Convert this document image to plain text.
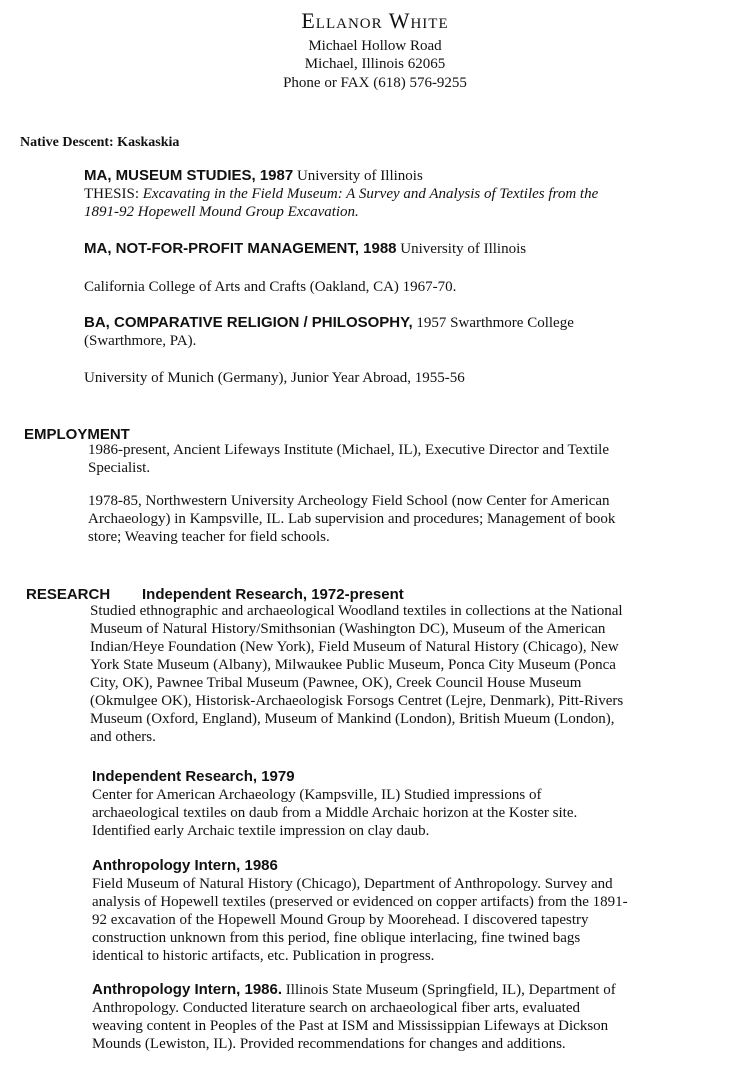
Ellanor White
Michael Hollow Road
Michael, Illinois 62065
Phone or FAX (618) 576-9255
Native Descent: Kaskaskia

MA, MUSEUM STUDIES, 1987 University of Illinois

THESIS: Excavating in the Field Museum: A Survey and Analysis of Textiles from the

1891-92 Hopewell Mound Group Excavation.

MA, NOT-FOR-PROFIT MANAGEMENT, 1988 University of Illinois

California College of Arts and Crafts (Oakland, CA) 1967-70.

BA, COMPARATIVE RELIGION / PHILOSOPHY, 1957 Swarthmore College

(Swarthmore, PA).

University of Munich (Germany), Junior Year Abroad, 1955-56
EMPLOYMENT

1986-present, Ancient Lifeways Institute (Michael, IL), Executive Director and Textile

Specialist.

1978-85, Northwestern University Archeology Field School (now Center for American

Archaeology) in Kampsville, IL. Lab supervision and procedures; Management of book

store; Weaving teacher for field schools.

RESEARCH Independent Research, 1972-present

Studied ethnographic and archaeological Woodland textiles in collections at the National

Museum of Natural History/Smithsonian (Washington DC), Museum of the American

Indian/Heye Foundation (New York), Field Museum of Natural History (Chicago), New

York State Museum (Albany), Milwaukee Public Museum, Ponca City Museum (Ponca

City, OK), Pawnee Tribal Museum (Pawnee, OK), Creek Council House Museum

(Okmulgee OK), Historisk-Archaeologisk Forsogs Centret (Lejre, Denmark), Pitt-Rivers

Museum (Oxford, England), Museum of Mankind (London), British Mueum (London),

and others.

Independent Research, 1979

Center for American Archaeology (Kampsville, IL) Studied impressions of

archaeological textiles on daub from a Middle Archaic horizon at the Koster site.

Identified early Archaic textile impression on clay daub.

Anthropology Intern, 1986

Field Museum of Natural History (Chicago), Department of Anthropology. Survey and

analysis of Hopewell textiles (preserved or evidenced on copper artifacts) from the 1891-

92 excavation of the Hopewell Mound Group by Moorehead. I discovered tapestry

construction unknown from this period, fine oblique interlacing, fine twined bags

identical to historic artifacts, etc. Publication in progress.

Anthropology Intern, 1986. Illinois State Museum (Springfield, IL), Department of

Anthropology. Conducted literature search on archaeological fiber arts, evaluated

weaving content in Peoples of the Past at ISM and Mississippian Lifeways at Dickson

Mounds (Lewiston, IL). Provided recommendations for changes and additions.
